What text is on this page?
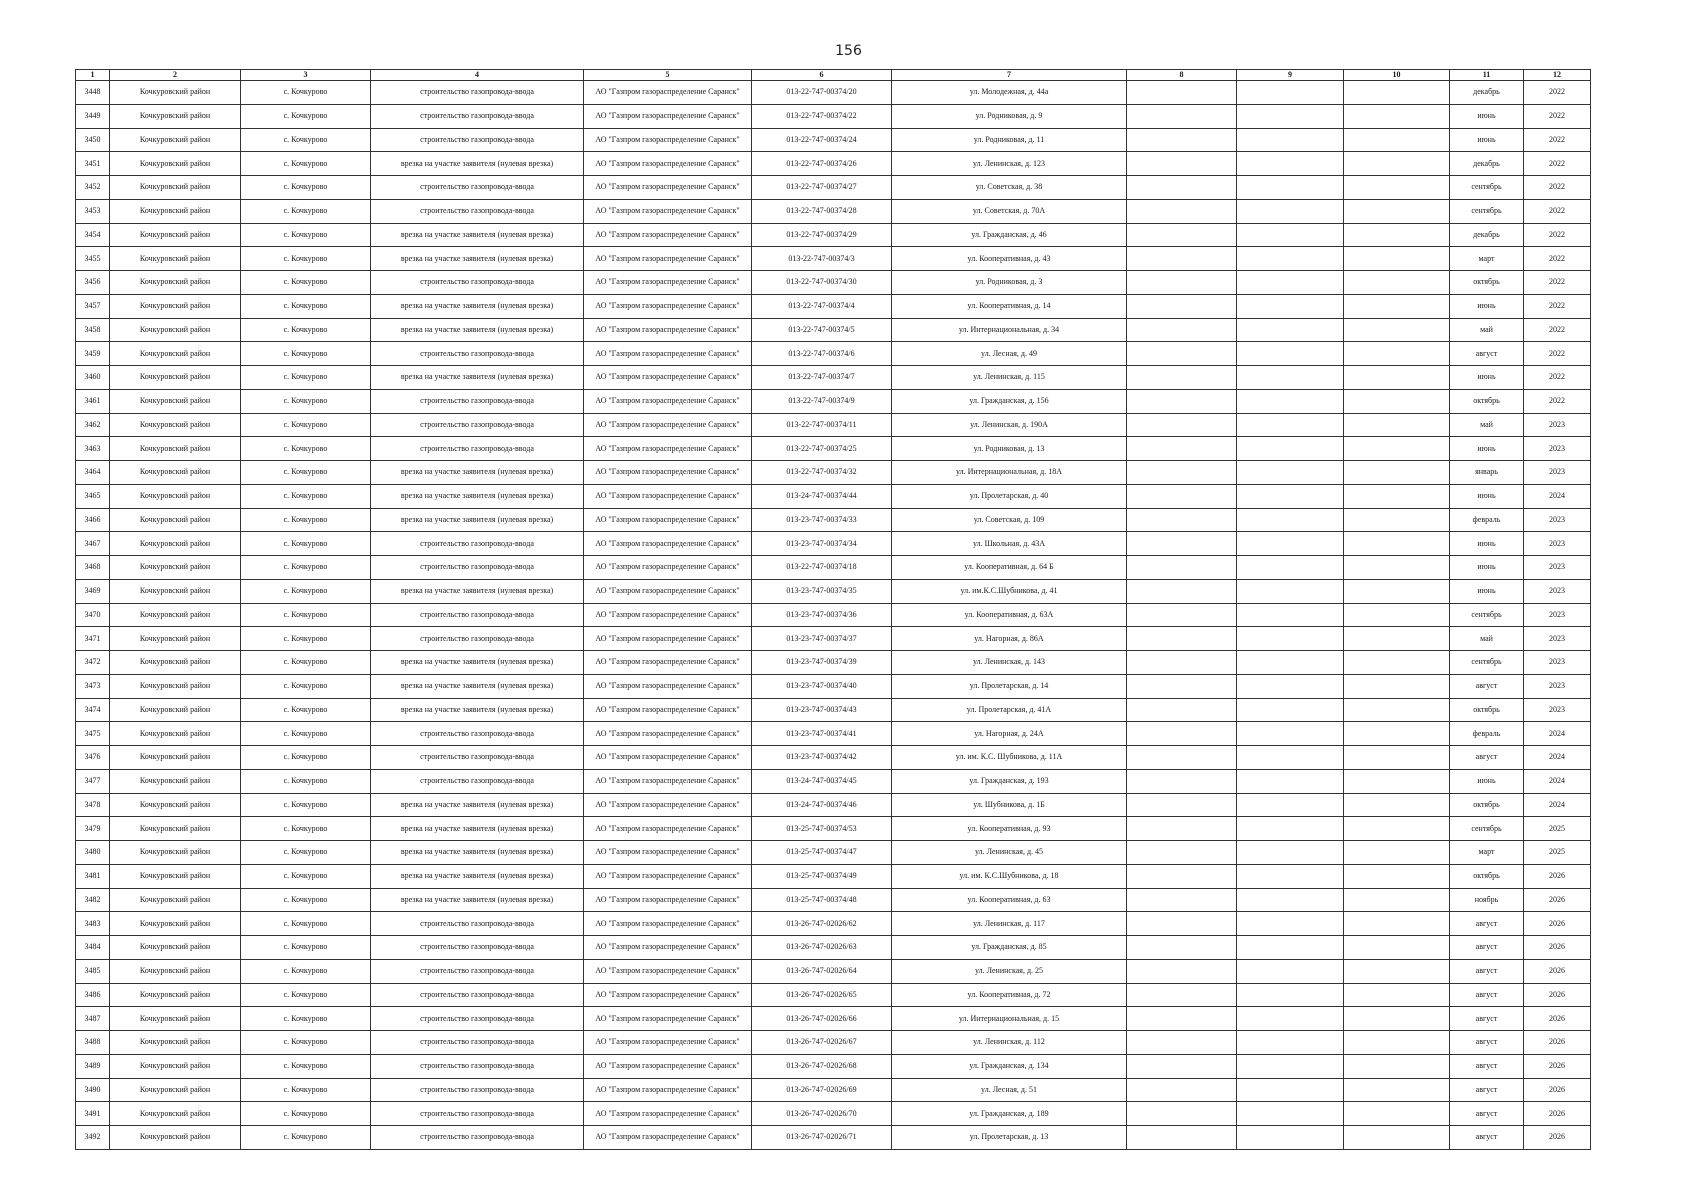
156
1	2	3	4	5	6	7	8	9	10	11	12
3448	Кочкуровский район	с. Кочкурово	строительство газопровода-ввода	АО "Газпром газораспределение Саранск"	013-22-747-00374/20	ул. Молодежная, д. 44а				декабрь	2022
3449	Кочкуровский район	с. Кочкурово	строительство газопровода-ввода	АО "Газпром газораспределение Саранск"	013-22-747-00374/22	ул. Родниковая, д. 9				июнь	2022
3450	Кочкуровский район	с. Кочкурово	строительство газопровода-ввода	АО "Газпром газораспределение Саранск"	013-22-747-00374/24	ул. Родниковая, д. 11				июнь	2022
3451	Кочкуровский район	с. Кочкурово	врезка на участке заявителя (нулевая врезка)	АО "Газпром газораспределение Саранск"	013-22-747-00374/26	ул. Ленинская, д. 123				декабрь	2022
3452	Кочкуровский район	с. Кочкурово	строительство газопровода-ввода	АО "Газпром газораспределение Саранск"	013-22-747-00374/27	ул. Советская, д. 38				сентябрь	2022
3453	Кочкуровский район	с. Кочкурово	строительство газопровода-ввода	АО "Газпром газораспределение Саранск"	013-22-747-00374/28	ул. Советская, д. 70А				сентябрь	2022
3454	Кочкуровский район	с. Кочкурово	врезка на участке заявителя (нулевая врезка)	АО "Газпром газораспределение Саранск"	013-22-747-00374/29	ул. Гражданская, д. 46				декабрь	2022
3455	Кочкуровский район	с. Кочкурово	врезка на участке заявителя (нулевая врезка)	АО "Газпром газораспределение Саранск"	013-22-747-00374/3	ул. Кооперативная, д. 43				март	2022
3456	Кочкуровский район	с. Кочкурово	строительство газопровода-ввода	АО "Газпром газораспределение Саранск"	013-22-747-00374/30	ул. Родниковая, д. 3				октябрь	2022
3457	Кочкуровский район	с. Кочкурово	врезка на участке заявителя (нулевая врезка)	АО "Газпром газораспределение Саранск"	013-22-747-00374/4	ул. Кооперативная, д. 14				июнь	2022
3458	Кочкуровский район	с. Кочкурово	врезка на участке заявителя (нулевая врезка)	АО "Газпром газораспределение Саранск"	013-22-747-00374/5	ул. Интернациональная, д. 34				май	2022
3459	Кочкуровский район	с. Кочкурово	строительство газопровода-ввода	АО "Газпром газораспределение Саранск"	013-22-747-00374/6	ул. Лесная, д. 49				август	2022
3460	Кочкуровский район	с. Кочкурово	врезка на участке заявителя (нулевая врезка)	АО "Газпром газораспределение Саранск"	013-22-747-00374/7	ул. Ленинская, д. 115				июнь	2022
3461	Кочкуровский район	с. Кочкурово	строительство газопровода-ввода	АО "Газпром газораспределение Саранск"	013-22-747-00374/9	ул. Гражданская, д. 156				октябрь	2022
3462	Кочкуровский район	с. Кочкурово	строительство газопровода-ввода	АО "Газпром газораспределение Саранск"	013-22-747-00374/11	ул. Ленинская, д. 190А				май	2023
3463	Кочкуровский район	с. Кочкурово	строительство газопровода-ввода	АО "Газпром газораспределение Саранск"	013-22-747-00374/25	ул. Родниковая, д. 13				июнь	2023
3464	Кочкуровский район	с. Кочкурово	врезка на участке заявителя (нулевая врезка)	АО "Газпром газораспределение Саранск"	013-22-747-00374/32	ул. Интернациональная, д. 18А				январь	2023
3465	Кочкуровский район	с. Кочкурово	врезка на участке заявителя (нулевая врезка)	АО "Газпром газораспределение Саранск"	013-24-747-00374/44	ул. Пролетарская, д. 40				июнь	2024
3466	Кочкуровский район	с. Кочкурово	врезка на участке заявителя (нулевая врезка)	АО "Газпром газораспределение Саранск"	013-23-747-00374/33	ул. Советская, д. 109				февраль	2023
3467	Кочкуровский район	с. Кочкурово	строительство газопровода-ввода	АО "Газпром газораспределение Саранск"	013-23-747-00374/34	ул. Школьная, д. 43А				июнь	2023
3468	Кочкуровский район	с. Кочкурово	строительство газопровода-ввода	АО "Газпром газораспределение Саранск"	013-22-747-00374/18	ул. Кооперативная, д. 64 Б				июнь	2023
3469	Кочкуровский район	с. Кочкурово	врезка на участке заявителя (нулевая врезка)	АО "Газпром газораспределение Саранск"	013-23-747-00374/35	ул. им.К.С.Шубникова, д. 41				июнь	2023
3470	Кочкуровский район	с. Кочкурово	строительство газопровода-ввода	АО "Газпром газораспределение Саранск"	013-23-747-00374/36	ул. Кооперативная, д. 63А				сентябрь	2023
3471	Кочкуровский район	с. Кочкурово	строительство газопровода-ввода	АО "Газпром газораспределение Саранск"	013-23-747-00374/37	ул. Нагорная, д. 86А				май	2023
3472	Кочкуровский район	с. Кочкурово	врезка на участке заявителя (нулевая врезка)	АО "Газпром газораспределение Саранск"	013-23-747-00374/39	ул. Ленинская, д. 143				сентябрь	2023
3473	Кочкуровский район	с. Кочкурово	врезка на участке заявителя (нулевая врезка)	АО "Газпром газораспределение Саранск"	013-23-747-00374/40	ул. Пролетарская, д. 14				август	2023
3474	Кочкуровский район	с. Кочкурово	врезка на участке заявителя (нулевая врезка)	АО "Газпром газораспределение Саранск"	013-23-747-00374/43	ул. Пролетарская, д. 41А				октябрь	2023
3475	Кочкуровский район	с. Кочкурово	строительство газопровода-ввода	АО "Газпром газораспределение Саранск"	013-23-747-00374/41	ул. Нагорная, д. 24А				февраль	2024
3476	Кочкуровский район	с. Кочкурово	строительство газопровода-ввода	АО "Газпром газораспределение Саранск"	013-23-747-00374/42	ул. им. К.С. Шубникова, д. 11А				август	2024
3477	Кочкуровский район	с. Кочкурово	строительство газопровода-ввода	АО "Газпром газораспределение Саранск"	013-24-747-00374/45	ул. Гражданская, д. 193				июнь	2024
3478	Кочкуровский район	с. Кочкурово	врезка на участке заявителя (нулевая врезка)	АО "Газпром газораспределение Саранск"	013-24-747-00374/46	ул. Шубникова, д. 1Б				октябрь	2024
3479	Кочкуровский район	с. Кочкурово	врезка на участке заявителя (нулевая врезка)	АО "Газпром газораспределение Саранск"	013-25-747-00374/53	ул. Кооперативная, д. 93				сентябрь	2025
3480	Кочкуровский район	с. Кочкурово	врезка на участке заявителя (нулевая врезка)	АО "Газпром газораспределение Саранск"	013-25-747-00374/47	ул. Ленинская, д. 45				март	2025
3481	Кочкуровский район	с. Кочкурово	врезка на участке заявителя (нулевая врезка)	АО "Газпром газораспределение Саранск"	013-25-747-00374/49	ул. им. К.С.Шубникова, д. 18				октябрь	2026
3482	Кочкуровский район	с. Кочкурово	врезка на участке заявителя (нулевая врезка)	АО "Газпром газораспределение Саранск"	013-25-747-00374/48	ул. Кооперативная, д. 63				ноябрь	2026
3483	Кочкуровский район	с. Кочкурово	строительство газопровода-ввода	АО "Газпром газораспределение Саранск"	013-26-747-02026/62	ул. Ленинская, д. 117				август	2026
3484	Кочкуровский район	с. Кочкурово	строительство газопровода-ввода	АО "Газпром газораспределение Саранск"	013-26-747-02026/63	ул. Гражданская, д. 85				август	2026
3485	Кочкуровский район	с. Кочкурово	строительство газопровода-ввода	АО "Газпром газораспределение Саранск"	013-26-747-02026/64	ул. Ленинская, д. 25				август	2026
3486	Кочкуровский район	с. Кочкурово	строительство газопровода-ввода	АО "Газпром газораспределение Саранск"	013-26-747-02026/65	ул. Кооперативная, д. 72				август	2026
3487	Кочкуровский район	с. Кочкурово	строительство газопровода-ввода	АО "Газпром газораспределение Саранск"	013-26-747-02026/66	ул. Интернациональная, д. 15				август	2026
3488	Кочкуровский район	с. Кочкурово	строительство газопровода-ввода	АО "Газпром газораспределение Саранск"	013-26-747-02026/67	ул. Ленинская, д. 112				август	2026
3489	Кочкуровский район	с. Кочкурово	строительство газопровода-ввода	АО "Газпром газораспределение Саранск"	013-26-747-02026/68	ул. Гражданская, д. 134				август	2026
3490	Кочкуровский район	с. Кочкурово	строительство газопровода-ввода	АО "Газпром газораспределение Саранск"	013-26-747-02026/69	ул. Лесная, д. 51				август	2026
3491	Кочкуровский район	с. Кочкурово	строительство газопровода-ввода	АО "Газпром газораспределение Саранск"	013-26-747-02026/70	ул. Гражданская, д. 189				август	2026
3492	Кочкуровский район	с. Кочкурово	строительство газопровода-ввода	АО "Газпром газораспределение Саранск"	013-26-747-02026/71	ул. Пролетарская, д. 13				август	2026
